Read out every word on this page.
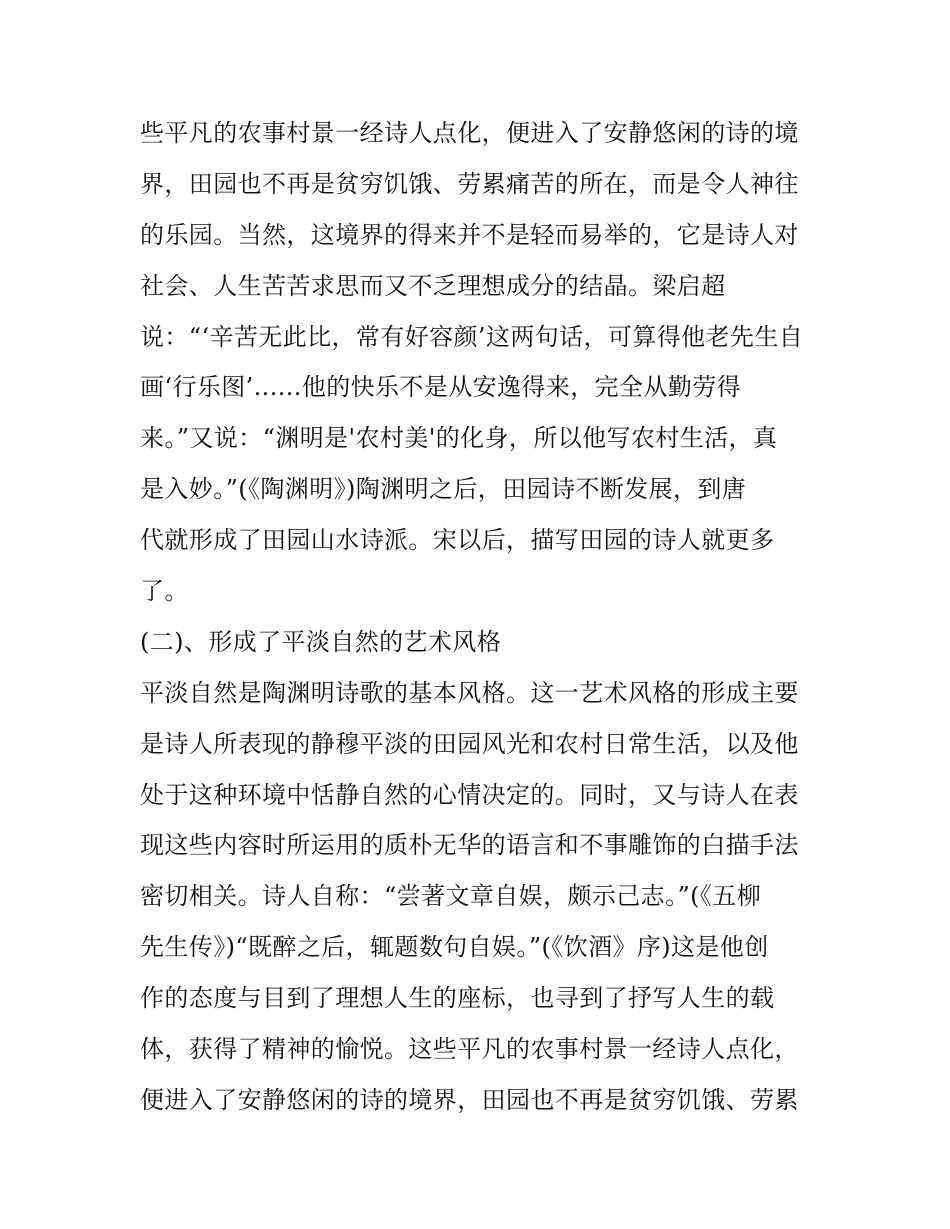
些平凡的农事村景一经诗人点化，便进入了安静悠闲的诗的境
界，田园也不再是贫穷饥饿、劳累痛苦的所在，而是令人神往
的乐园。当然，这境界的得来并不是轻而易举的，它是诗人对
社会、人生苦苦求思而又不乏理想成分的结晶。梁启超
说：“‘辛苦无此比，常有好容颜’这两句话，可算得他老先生自
画‘行乐图’......他的快乐不是从安逸得来，完全从勤劳得
来。”又说：“渊明是'农村美'的化身，所以他写农村生活，真
是入妙。”(《陶渊明》)陶渊明之后，田园诗不断发展，到唐
代就形成了田园山水诗派。宋以后，描写田园的诗人就更多
了。
(二)、形成了平淡自然的艺术风格
平淡自然是陶渊明诗歌的基本风格。这一艺术风格的形成主要
是诗人所表现的静穆平淡的田园风光和农村日常生活，以及他
处于这种环境中恬静自然的心情决定的。同时，又与诗人在表
现这些内容时所运用的质朴无华的语言和不事雕饰的白描手法
密切相关。诗人自称：“尝著文章自娱，颇示己志。”(《五柳
先生传》)“既醉之后，辄题数句自娱。”(《饮酒》序)这是他创
作的态度与目到了理想人生的座标，也寻到了抒写人生的载
体，获得了精神的愉悦。这些平凡的农事村景一经诗人点化，
便进入了安静悠闲的诗的境界，田园也不再是贫穷饥饿、劳累
